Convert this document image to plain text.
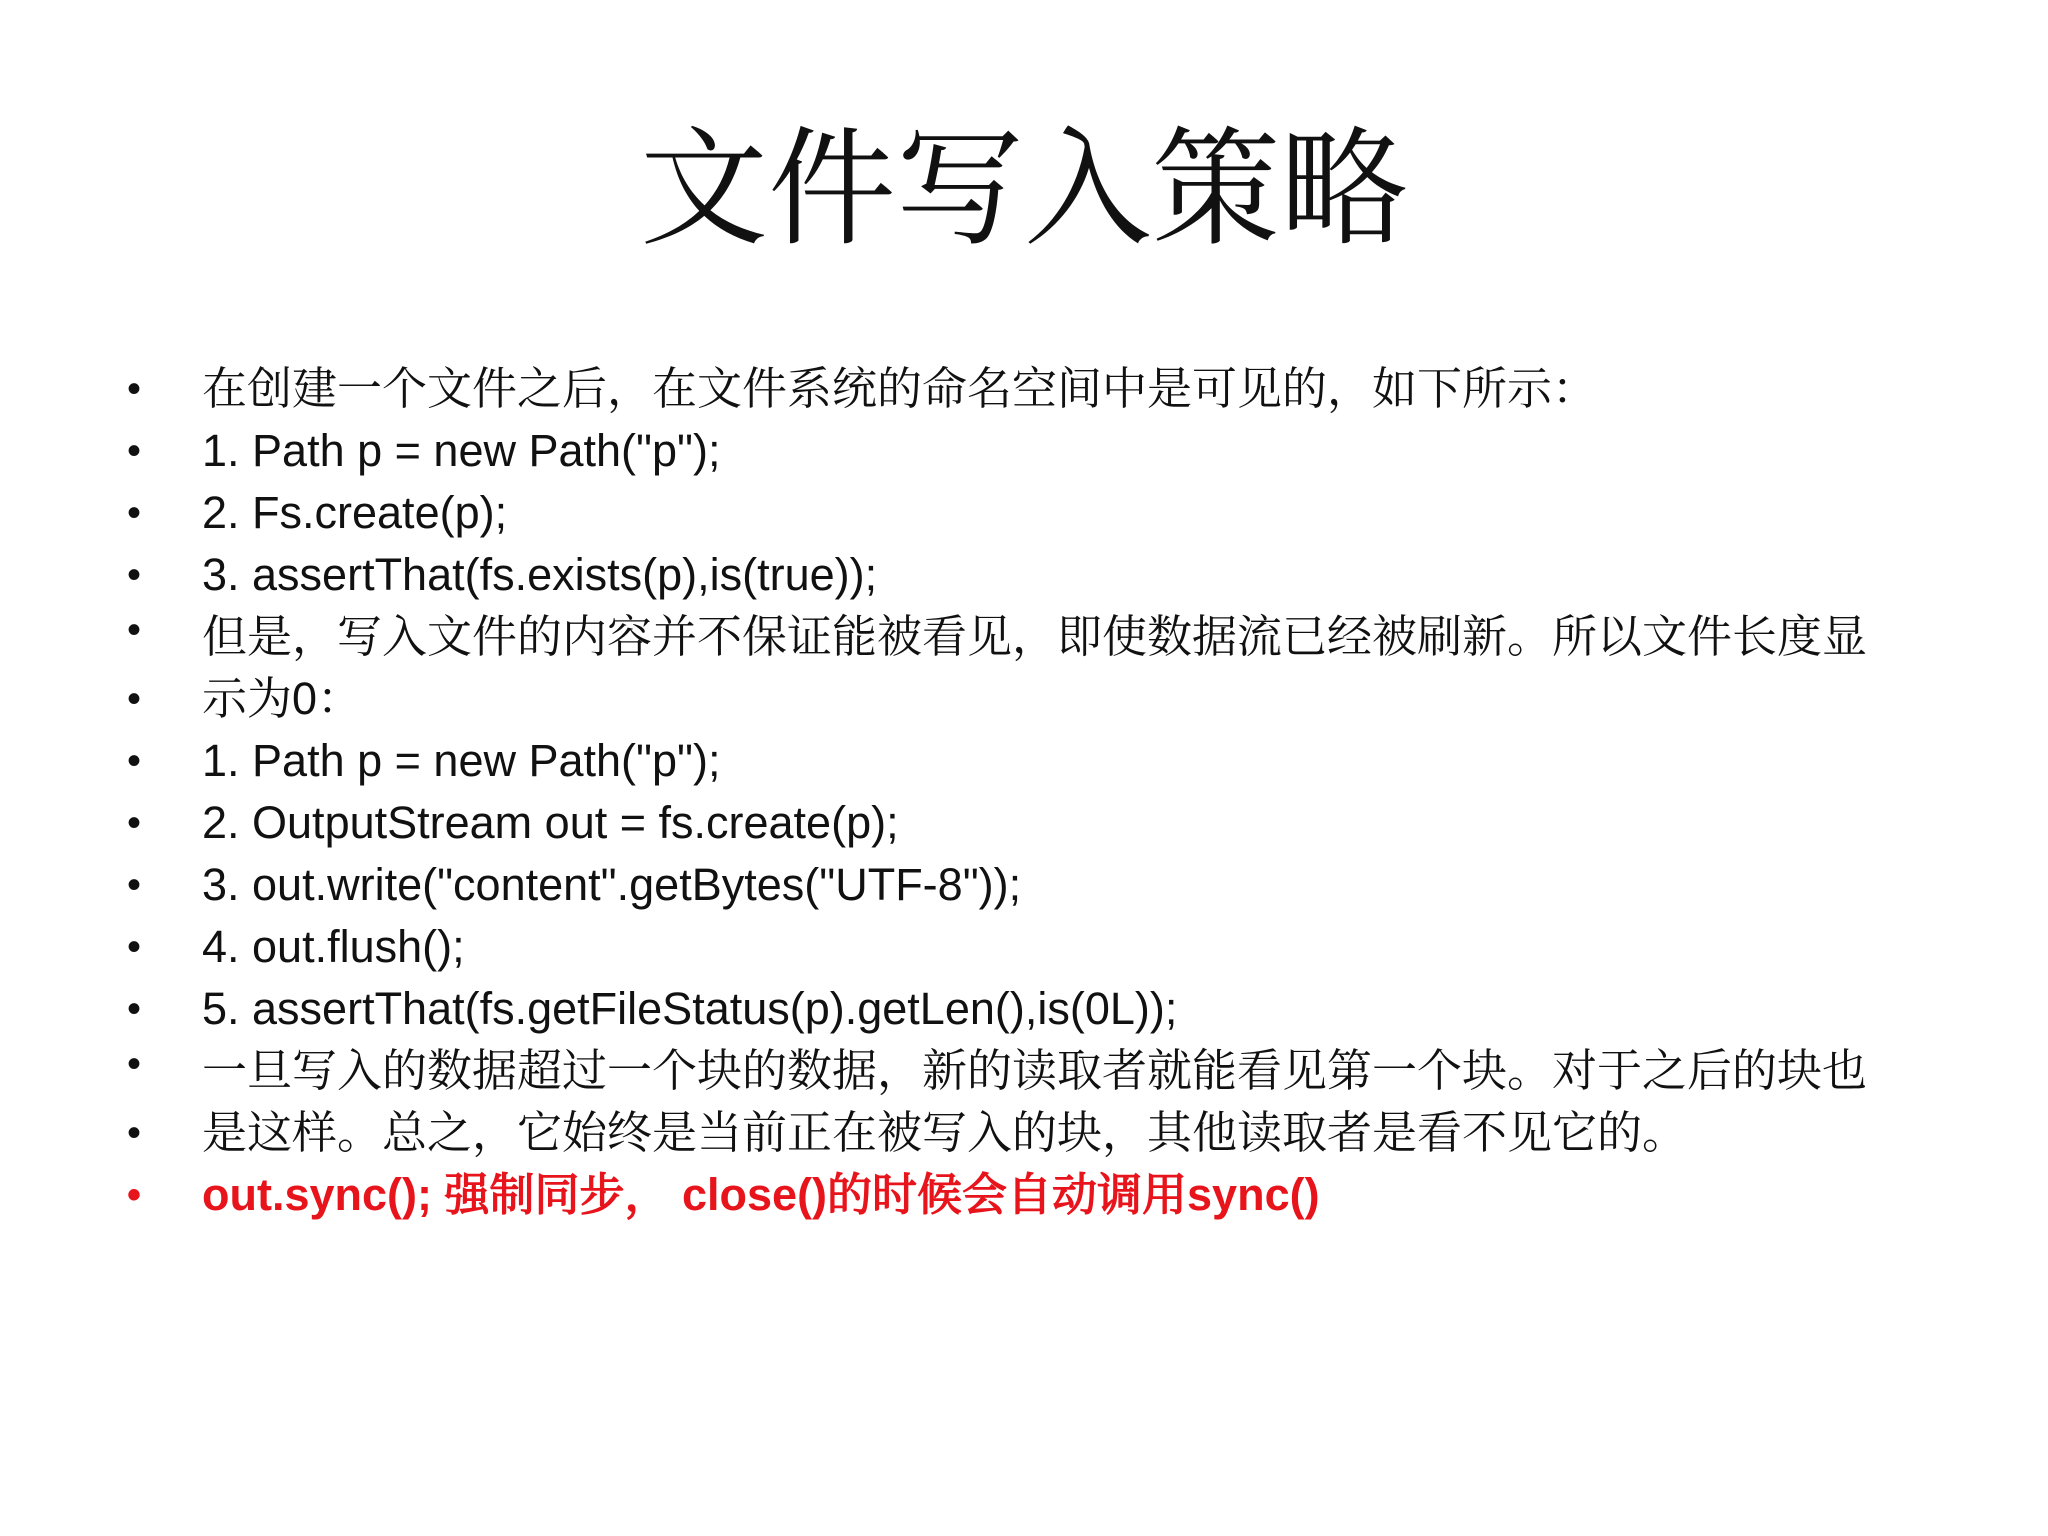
文件写入策略
• 在创建一个文件之后，在文件系统的命名空间中是可见的，如下所示：
• 1. Path p = new Path("p");
• 2. Fs.create(p);
• 3. assertThat(fs.exists(p),is(true));
• 但是，写入文件的内容并不保证能被看见，即使数据流已经被刷新。所以文件长度显
• 示为0：
• 1. Path p = new Path("p");
• 2. OutputStream out = fs.create(p);
• 3. out.write("content".getBytes("UTF-8"));
• 4. out.flush();
• 5. assertThat(fs.getFileStatus(p).getLen(),is(0L));
• 一旦写入的数据超过一个块的数据，新的读取者就能看见第一个块。对于之后的块也
• 是这样。总之，它始终是当前正在被写入的块，其他读取者是看不见它的。
• out.sync(); 强制同步， close()的时候会自动调用sync()
